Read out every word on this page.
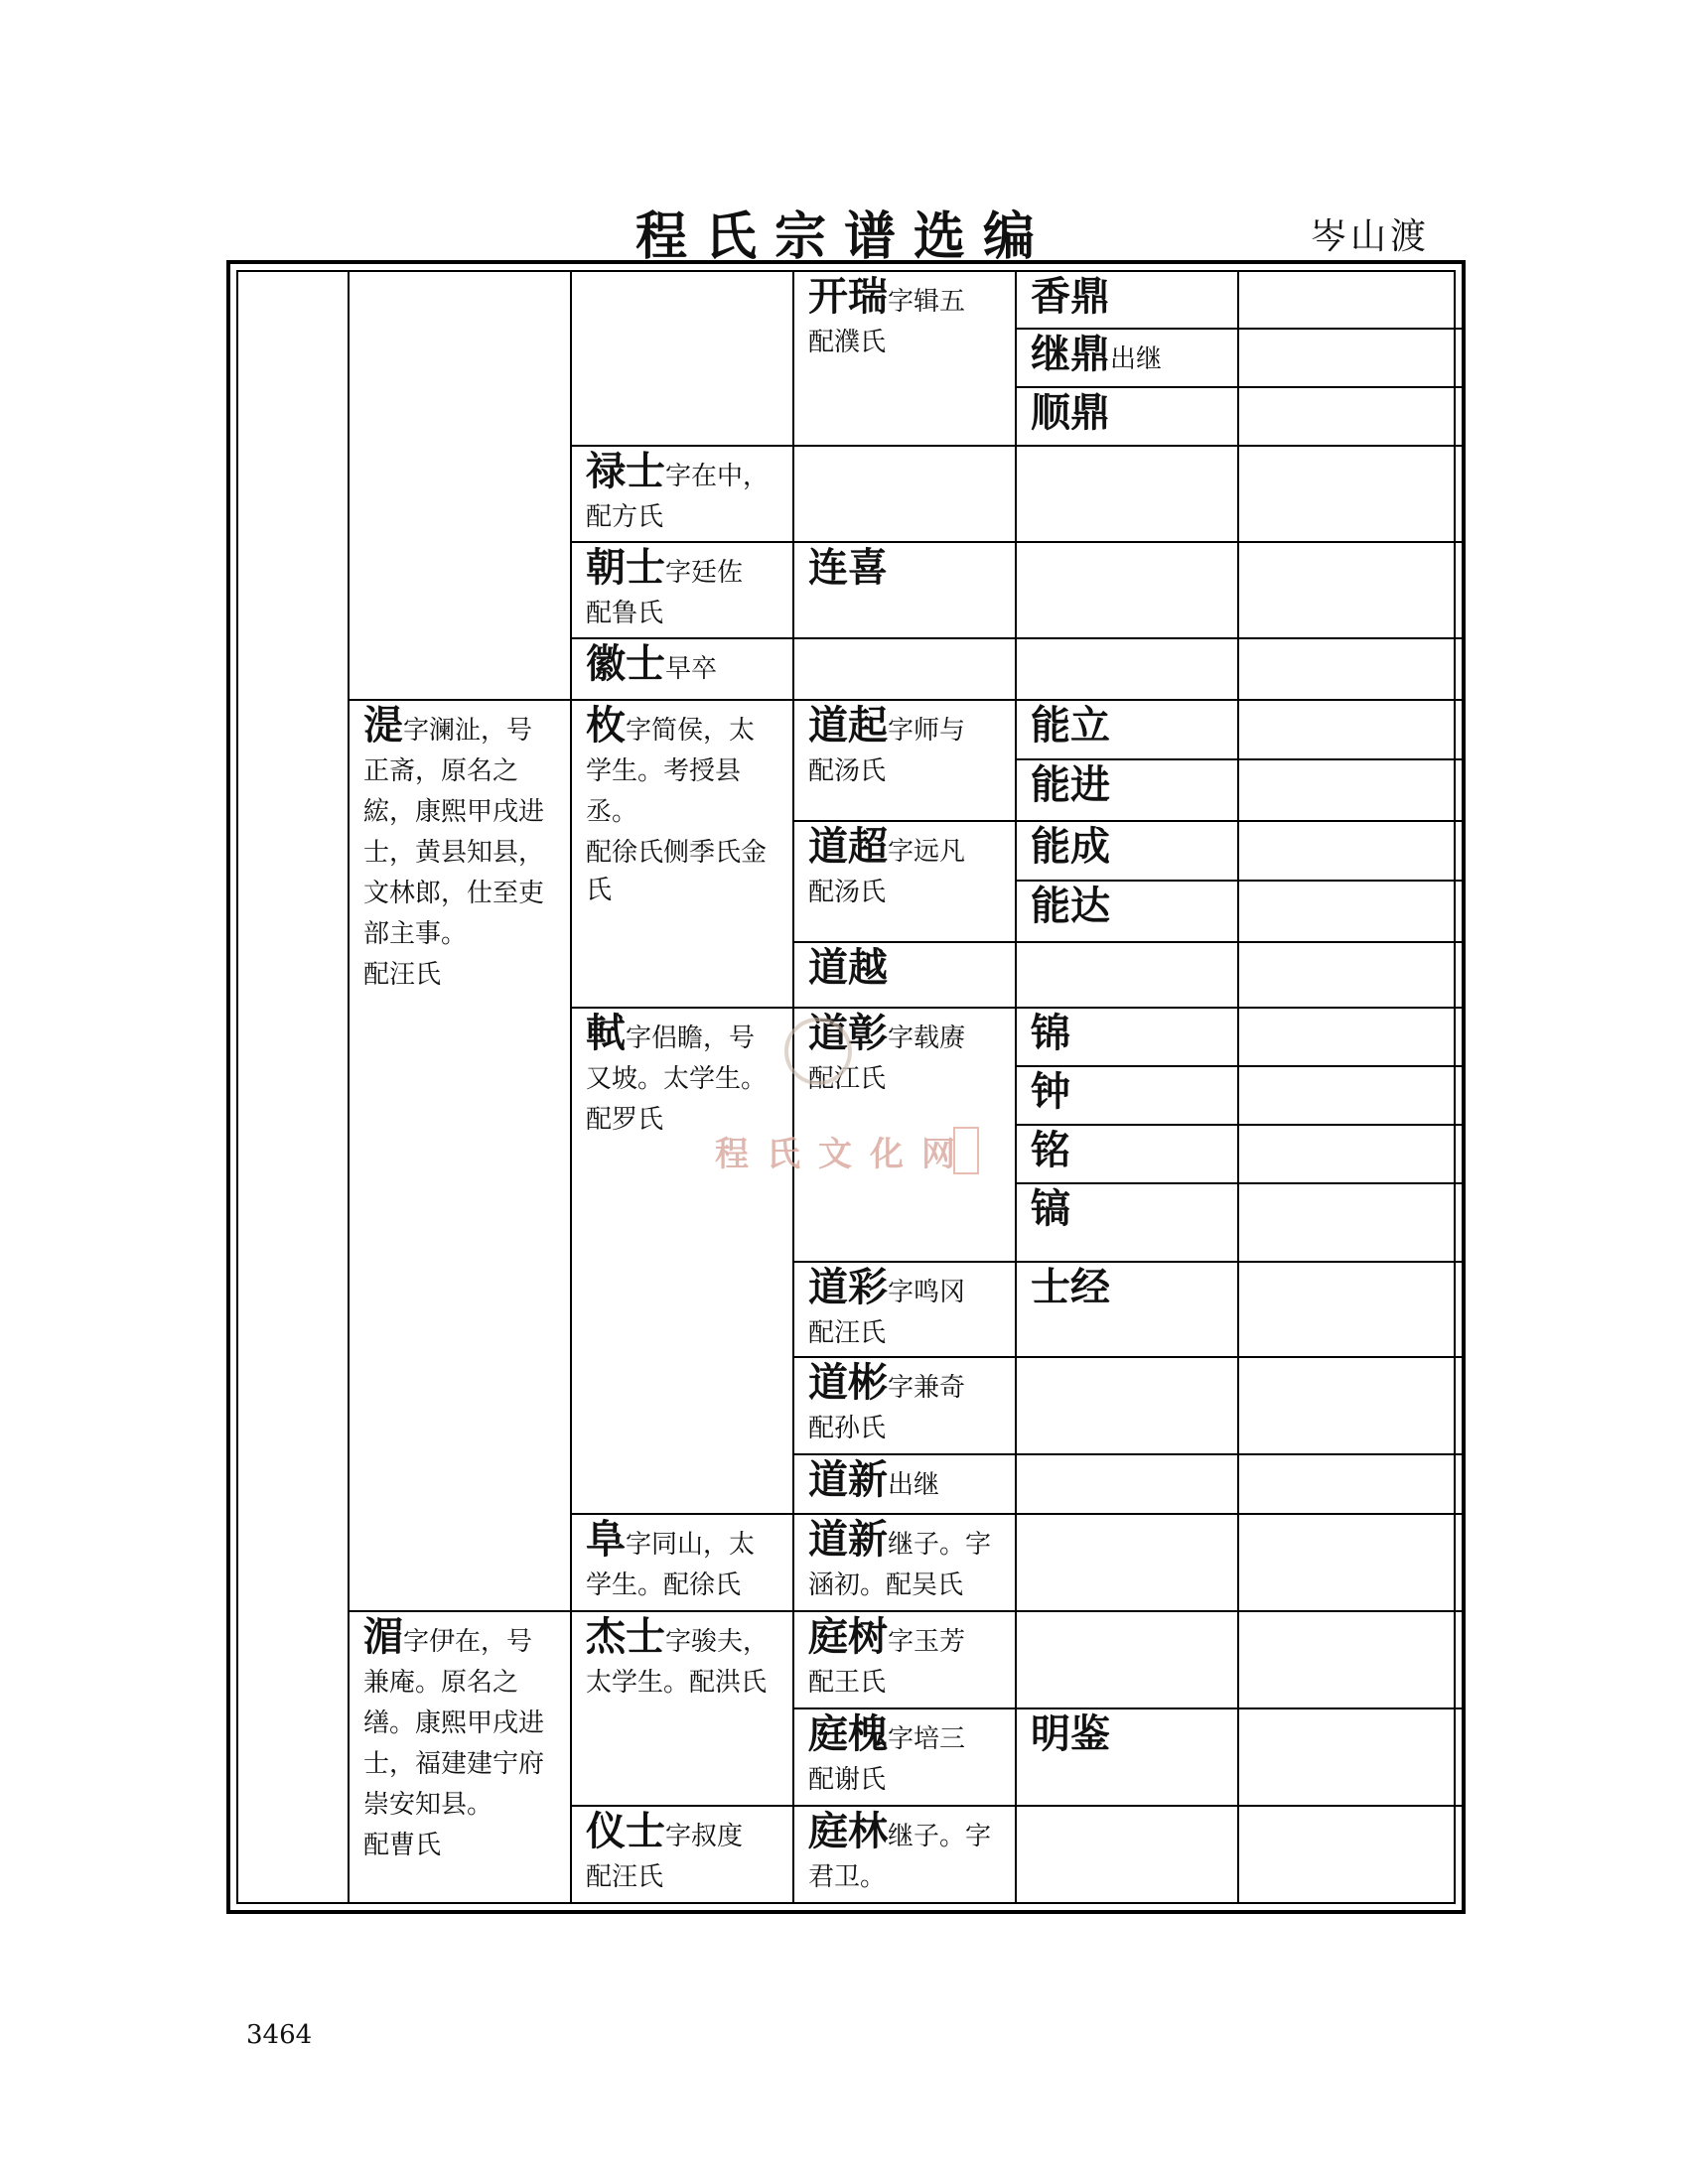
程氏宗谱选编	岑山渡
湜字澜沚，号正斋，原名之綋，康熙甲戌进士，黄县知县，文林郎，仕至吏部主事。
配汪氏
湄字伊在，号兼庵。原名之缮。康熙甲戌进士，福建建宁府崇安知县。
配曹氏
禄士字在中，
配方氏
朝士字廷佐
配鲁氏
徽士早卒
枚字简侯，太学生。考授县丞。
配徐氏侧季氏金氏
軾字侣瞻，号又坡。太学生。
配罗氏
阜字同山，太学生。配徐氏
杰士字骏夫，太学生。配洪氏
仪士字叔度
配汪氏
开瑞字辑五
配濮氏
连喜
道起字师与
配汤氏
道超字远凡
配汤氏
道越
道彰字载赓
配江氏
道彩字鸣冈
配汪氏
道彬字兼奇
配孙氏
道新出继
道新继子。字涵初。配吴氏
庭树字玉芳
配王氏
庭槐字培三
配谢氏
庭林继子。字君卫。
香鼎
继鼎出继
顺鼎
能立
能进
能成
能达
锦
钟
铭
镐
士经
明鉴
程氏文化网
3464
